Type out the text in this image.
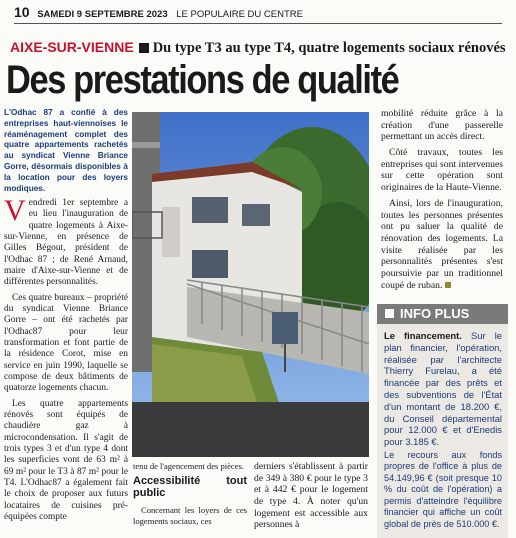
10 SAMEDI 9 SEPTEMBRE 2023 LE POPULAIRE DU CENTRE
AIXE-SUR-VIENNE Du type T3 au type T4, quatre logements sociaux rénovés
Des prestations de qualité
L'Odhac 87 a confié à des entreprises haut-viennoises le réaménagement complet des quatre appartements rachetés au syndicat Vienne Briance Gorre, désormais disponibles à la location pour des loyers modiques.

Vendredi 1er septembre a eu lieu l'inauguration de quatre logements à Aixe-sur-Vienne, en présence de Gilles Bégout, président de l'Odhac 87 ; de René Arnaud, maire d'Aixe-sur-Vienne et de différentes personnalités.

Ces quatre bureaux – propriété du syndicat Vienne Briance Gorre – ont été rachetés par l'Odhac87 pour leur transformation et font partie de la résidence Corot, mise en service en juin 1990, laquelle se compose de deux bâtiments de quatorze logements chacun.

Les quatre appartements rénovés sont équipés de chaudière gaz à microcondensation. Il s'agit de trois types 3 et d'un type 4 dont les superficies vont de 63 m² à 69 m² pour le T3 à 87 m² pour le T4. L'Odhac87 a également fait le choix de proposer aux futurs locataires de cuisines pré-équipées compte

tenu de l'agencement des pièces.

Accessibilité tout public

Concernant les loyers de ces logements sociaux, ces

derniers s'établissent à partir de 349 à 380 € pour le type 3 et à 442 € pour le logement de type 4. À noter qu'un logement est accessible aux personnes à

mobilité réduite grâce à la création d'une passerelle permettant un accès direct.

Côté travaux, toutes les entreprises qui sont intervenues sur cette opération sont originaires de la Haute-Vienne.

Ainsi, lors de l'inauguration, toutes les personnes présentes ont pu saluer la qualité de rénovation des logements. La visite réalisée par les personnalités présentes s'est poursuivie par un traditionnel coupé de ruban.

INFO PLUS

Le financement. Sur le plan financier, l'opération, réalisée par l'architecte Thierry Furelau, a été financée par des prêts et des subventions de l'État d'un montant de 18.200 €, du Conseil départemental pour 12.000 € et d'Enedis pour 3.185 €.

Le recours aux fonds propres de l'office à plus de 54.149,96 € (soit presque 10 % du coût de l'opération) a permis d'atteindre l'équilibre financier qui affiche un coût global de près de 510.000 €.
